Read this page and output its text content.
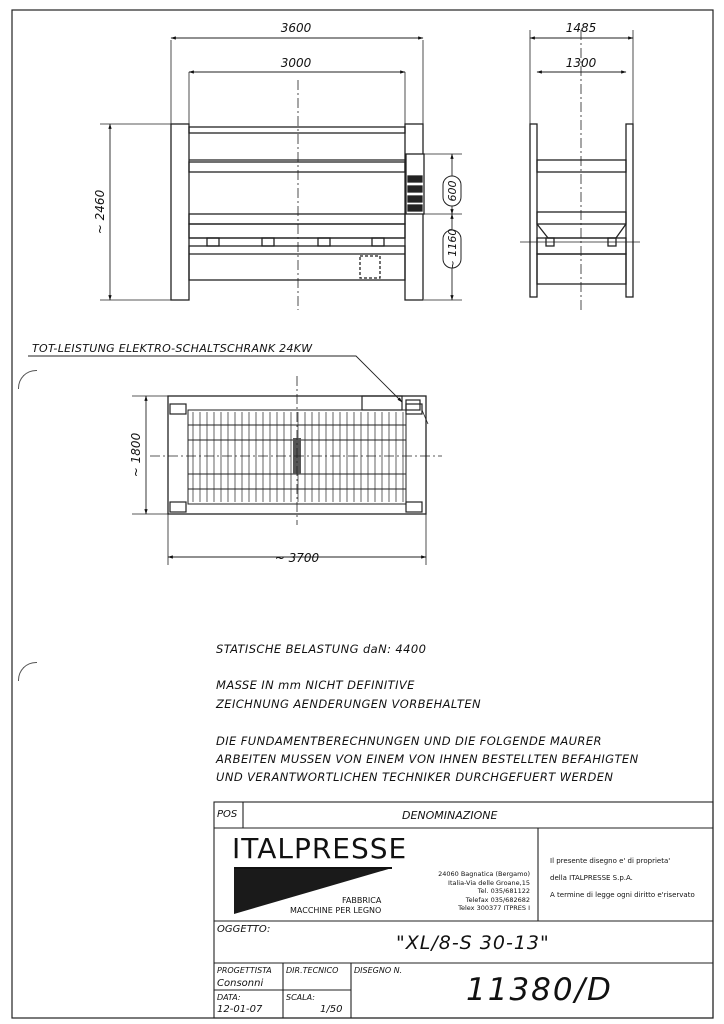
3600
3000
~ 2460	600
~ 1160
1485
1300
TOT-LEISTUNG ELEKTRO-SCHALTSCHRANK 24KW
~ 1800
~ 3700
STATISCHE BELASTUNG daN: 4400
MASSE IN mm NICHT DEFINITIVE
ZEICHNUNG AENDERUNGEN VORBEHALTEN
DIE FUNDAMENTBERECHNUNGEN UND DIE FOLGENDE MAURER
ARBEITEN MUSSEN VON EINEM VON IHNEN BESTELLTEN BEFAHIGTEN
UND VERANTWORTLICHEN TECHNIKER DURCHGEFUERT WERDEN
POS	DENOMINAZIONE
ITALPRESSE
FABBRICA
MACCHINE PER LEGNO
24060 Bagnatica (Bergamo)
Italia-Via delle Groane,15
Tel. 035/681122
Telefax 035/682682
Telex 300377 ITPRES I
Il presente disegno e' di proprieta'
della ITALPRESSE S.p.A.
A termine di legge ogni diritto e'riservato
OGGETTO:
"XL/8-S 30-13"
PROGETTISTA
Consonni
DIR.TECNICO DISEGNO N.
11380/D
DATA:
12-01-07
SCALA:
1/50
